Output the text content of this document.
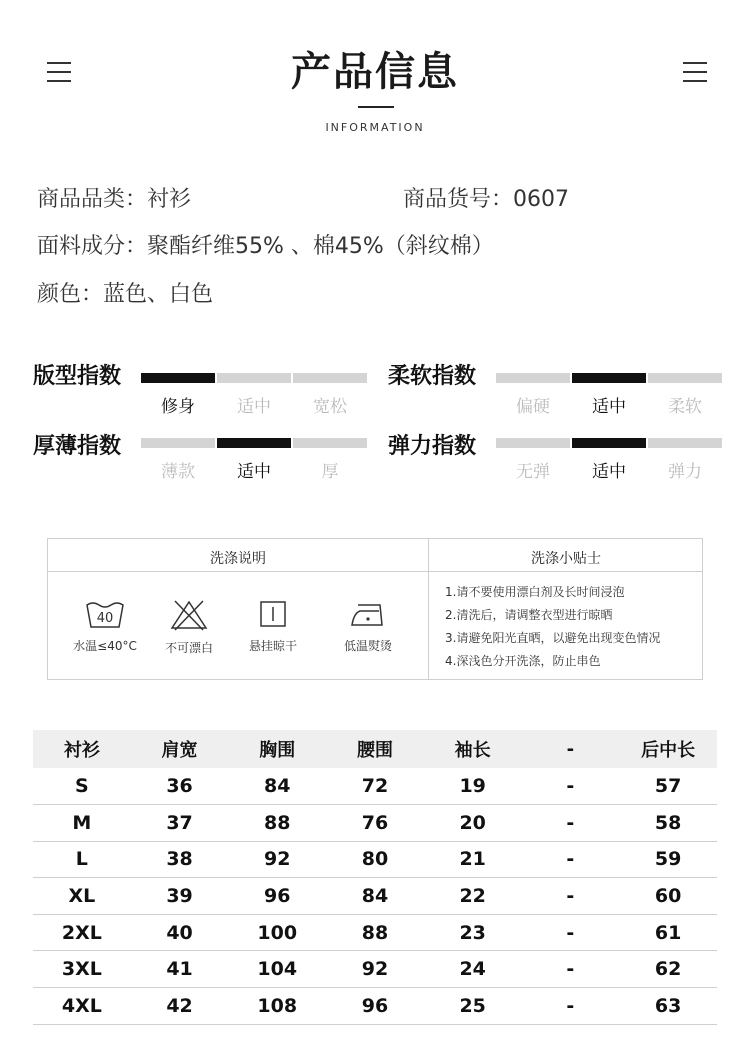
产品信息
INFORMATION
商品品类：衬衫	商品货号：0607
面料成分：聚酯纤维55% 、棉45%（斜纹棉）
颜色：蓝色、白色
版型指数
修身	适中	宽松
柔软指数
偏硬	适中	柔软
厚薄指数
薄款	适中	厚
弹力指数
无弹	适中	弹力
洗涤说明	洗涤小贴士
40
水温≤40°C	不可漂白	悬挂晾干	低温熨烫
1.请不要使用漂白剂及长时间浸泡
2.清洗后，请调整衣型进行晾晒
3.请避免阳光直晒，以避免出现变色情况
4.深浅色分开洗涤，防止串色
衬衫	肩宽	胸围	腰围	袖长	-	后中长
S	36	84	72	19	-	57
M	37	88	76	20	-	58
L	38	92	80	21	-	59
XL	39	96	84	22	-	60
2XL	40	100	88	23	-	61
3XL	41	104	92	24	-	62
4XL	42	108	96	25	-	63
